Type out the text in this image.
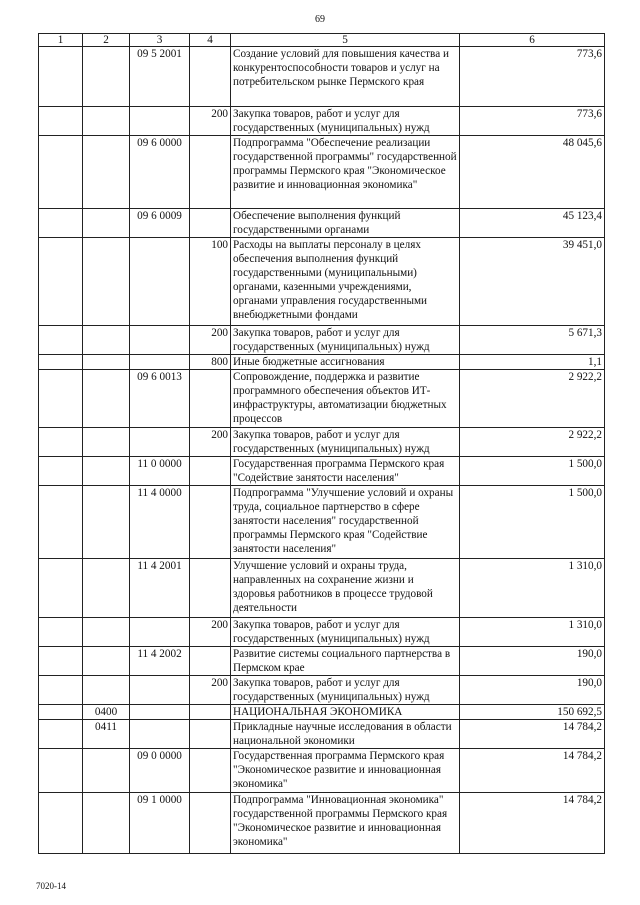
69
1	2	3	4	5	6
		09 5 2001		Создание условий для повышения качества и конкурентоспособности товаров и услуг на потребительском рынке Пермского края	773,6
			200	Закупка товаров, работ и услуг для государственных (муниципальных) нужд	773,6
		09 6 0000		Подпрограмма "Обеспечение реализации государственной программы" государственной программы Пермского края "Экономическое развитие и инновационная экономика"	48 045,6
		09 6 0009		Обеспечение выполнения функций государственными органами	45 123,4
			100	Расходы на выплаты персоналу в целях обеспечения выполнения функций государственными (муниципальными) органами, казенными учреждениями, органами управления государственными внебюджетными фондами	39 451,0
			200	Закупка товаров, работ и услуг для государственных (муниципальных) нужд	5 671,3
			800	Иные бюджетные ассигнования	1,1
		09 6 0013		Сопровождение, поддержка и развитие программного обеспечения объектов ИТ-инфраструктуры, автоматизации бюджетных процессов	2 922,2
			200	Закупка товаров, работ и услуг для государственных (муниципальных) нужд	2 922,2
		11 0 0000		Государственная программа Пермского края "Содействие занятости населения"	1 500,0
		11 4 0000		Подпрограмма "Улучшение условий и охраны труда, социальное партнерство в сфере занятости населения" государственной программы Пермского края "Содействие занятости населения"	1 500,0
		11 4 2001		Улучшение условий и охраны труда, направленных на сохранение жизни и здоровья работников в процессе трудовой деятельности	1 310,0
			200	Закупка товаров, работ и услуг для государственных (муниципальных) нужд	1 310,0
		11 4 2002		Развитие системы социального партнерства в Пермском крае	190,0
			200	Закупка товаров, работ и услуг для государственных (муниципальных) нужд	190,0
	0400			НАЦИОНАЛЬНАЯ ЭКОНОМИКА	150 692,5
	0411			Прикладные научные исследования в области национальной экономики	14 784,2
		09 0 0000		Государственная программа Пермского края "Экономическое развитие и инновационная экономика"	14 784,2
		09 1 0000		Подпрограмма "Инновационная экономика" государственной программы Пермского края "Экономическое развитие и инновационная экономика"	14 784,2
7020-14
